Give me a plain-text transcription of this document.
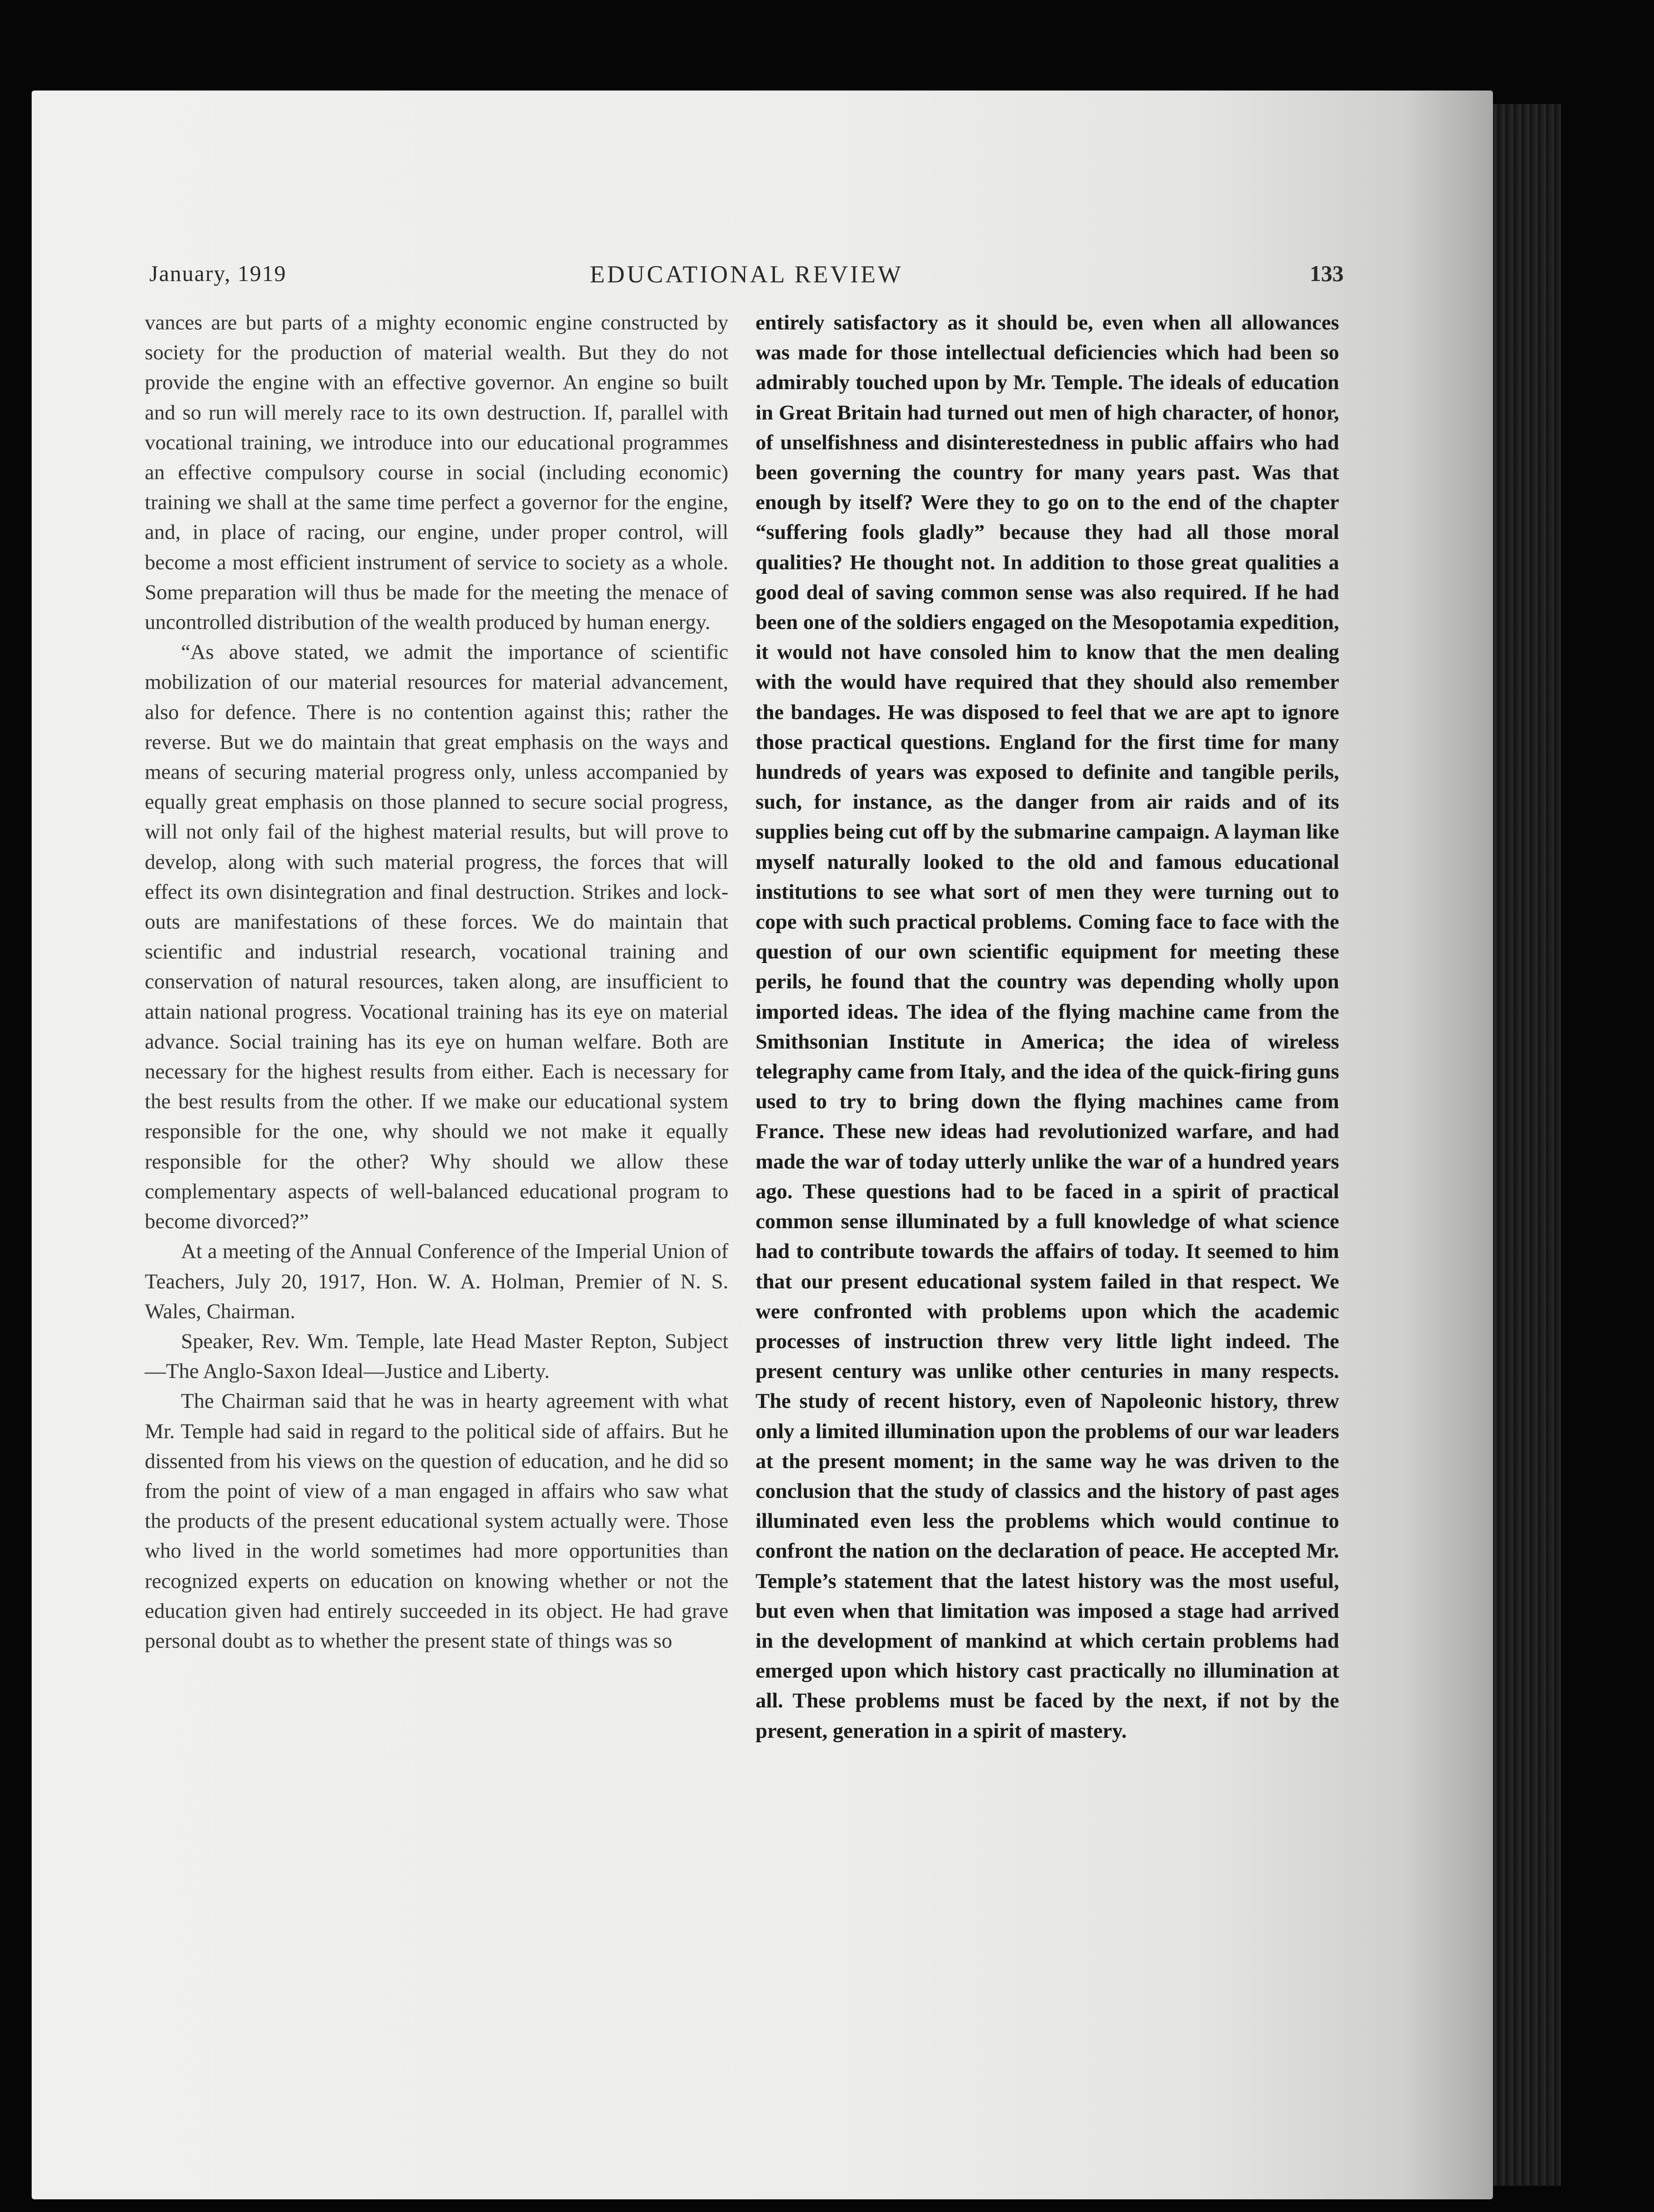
January, 1919	EDUCATIONAL REVIEW	133

vances are but parts of a mighty economic engine constructed by society for the production of material wealth. But they do not provide the engine with an effective governor. An engine so built and so run will merely race to its own destruction. If, parallel with vocational training, we introduce into our educational programmes an effective compulsory course in social (including economic) training we shall at the same time perfect a governor for the engine, and, in place of racing, our engine, under proper control, will become a most efficient instrument of service to society as a whole. Some preparation will thus be made for the meeting the menace of uncontrolled distribution of the wealth produced by human energy.

“As above stated, we admit the importance of scientific mobilization of our material resources for material advancement, also for defence. There is no contention against this; rather the reverse. But we do maintain that great emphasis on the ways and means of securing material progress only, unless accompanied by equally great emphasis on those planned to secure social progress, will not only fail of the highest material results, but will prove to develop, along with such material progress, the forces that will effect its own disintegration and final destruction. Strikes and lock-outs are manifestations of these forces. We do maintain that scientific and industrial research, vocational training and conservation of natural resources, taken along, are insufficient to attain national progress. Vocational training has its eye on material advance. Social training has its eye on human welfare. Both are necessary for the highest results from either. Each is necessary for the best results from the other. If we make our educational system responsible for the one, why should we not make it equally responsible for the other? Why should we allow these complementary aspects of well-balanced educational program to become divorced?”

At a meeting of the Annual Conference of the Imperial Union of Teachers, July 20, 1917, Hon. W. A. Holman, Premier of N. S. Wales, Chairman.

Speaker, Rev. Wm. Temple, late Head Master Repton, Subject—The Anglo-Saxon Ideal—Justice and Liberty.

The Chairman said that he was in hearty agreement with what Mr. Temple had said in regard to the political side of affairs. But he dissented from his views on the question of education, and he did so from the point of view of a man engaged in affairs who saw what the products of the present educational system actually were. Those who lived in the world sometimes had more opportunities than recognized experts on education on knowing whether or not the education given had entirely succeeded in its object. He had grave personal doubt as to whether the present state of things was so

entirely satisfactory as it should be, even when all allowances was made for those intellectual deficiencies which had been so admirably touched upon by Mr. Temple. The ideals of education in Great Britain had turned out men of high character, of honor, of unselfishness and disinterestedness in public affairs who had been governing the country for many years past. Was that enough by itself? Were they to go on to the end of the chapter “suffering fools gladly” because they had all those moral qualities? He thought not. In addition to those great qualities a good deal of saving common sense was also required. If he had been one of the soldiers engaged on the Mesopotamia expedition, it would not have consoled him to know that the men dealing with the would have required that they should also remember the bandages. He was disposed to feel that we are apt to ignore those practical questions. England for the first time for many hundreds of years was exposed to definite and tangible perils, such, for instance, as the danger from air raids and of its supplies being cut off by the submarine campaign. A layman like myself naturally looked to the old and famous educational institutions to see what sort of men they were turning out to cope with such practical problems. Coming face to face with the question of our own scientific equipment for meeting these perils, he found that the country was depending wholly upon imported ideas. The idea of the flying machine came from the Smithsonian Institute in America; the idea of wireless telegraphy came from Italy, and the idea of the quick-firing guns used to try to bring down the flying machines came from France. These new ideas had revolutionized warfare, and had made the war of today utterly unlike the war of a hundred years ago. These questions had to be faced in a spirit of practical common sense illuminated by a full knowledge of what science had to contribute towards the affairs of today. It seemed to him that our present educational system failed in that respect. We were confronted with problems upon which the academic processes of instruction threw very little light indeed. The present century was unlike other centuries in many respects. The study of recent history, even of Napoleonic history, threw only a limited illumination upon the problems of our war leaders at the present moment; in the same way he was driven to the conclusion that the study of classics and the history of past ages illuminated even less the problems which would continue to confront the nation on the declaration of peace. He accepted Mr. Temple’s statement that the latest history was the most useful, but even when that limitation was imposed a stage had arrived in the development of mankind at which certain problems had emerged upon which history cast practically no illumination at all. These problems must be faced by the next, if not by the present, generation in a spirit of mastery.
